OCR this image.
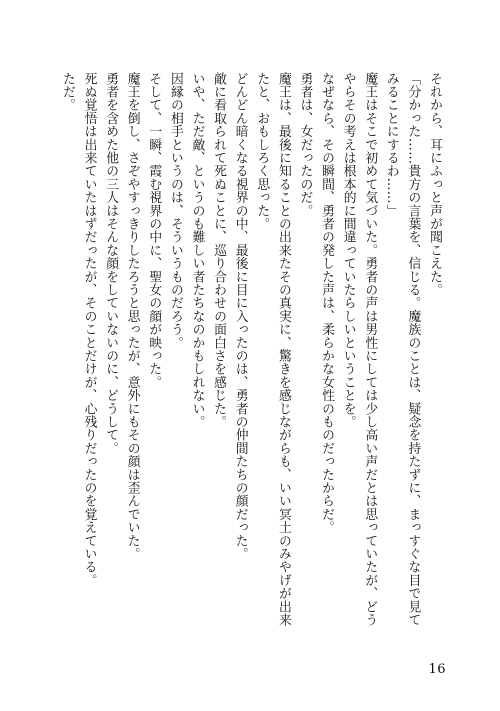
それから、耳にふっと声が聞こえた。

「分かった……貴方の言葉を、信じる。魔族のことは、疑念を持たずに、まっすぐな目で見てみることにするわ……」

魔王はそこで初めて気づいた。勇者の声は男性にしては少し高い声だとは思っていたが、どうやらその考えは根本的に間違っていたらしいということを。

なぜなら、その瞬間、勇者の発した声は、柔らかな女性のものだったからだ。

勇者は、女だったのだ。

魔王は、最後に知ることの出来たその真実に、驚きを感じながらも、いい冥土のみやげが出来たと、おもしろく思った。

どんどん暗くなる視界の中、最後に目に入ったのは、勇者の仲間たちの顔だった。

敵に看取られて死ぬことに、巡り合わせの面白さを感じた。

いや、ただ敵、というのも難しい者たちなのかもしれない。

因縁の相手というのは、そういうものだろう。

そして、一瞬、霞む視界の中に、聖女の顔が映った。

魔王を倒し、さぞやすっきりしたろうと思ったが、意外にもその顔は歪んでいた。

勇者を含めた他の三人はそんな顔をしていないのに、どうして。

死ぬ覚悟は出来ていたはずだったが、そのことだけが、心残りだったのを覚えている。

ただ。

16
